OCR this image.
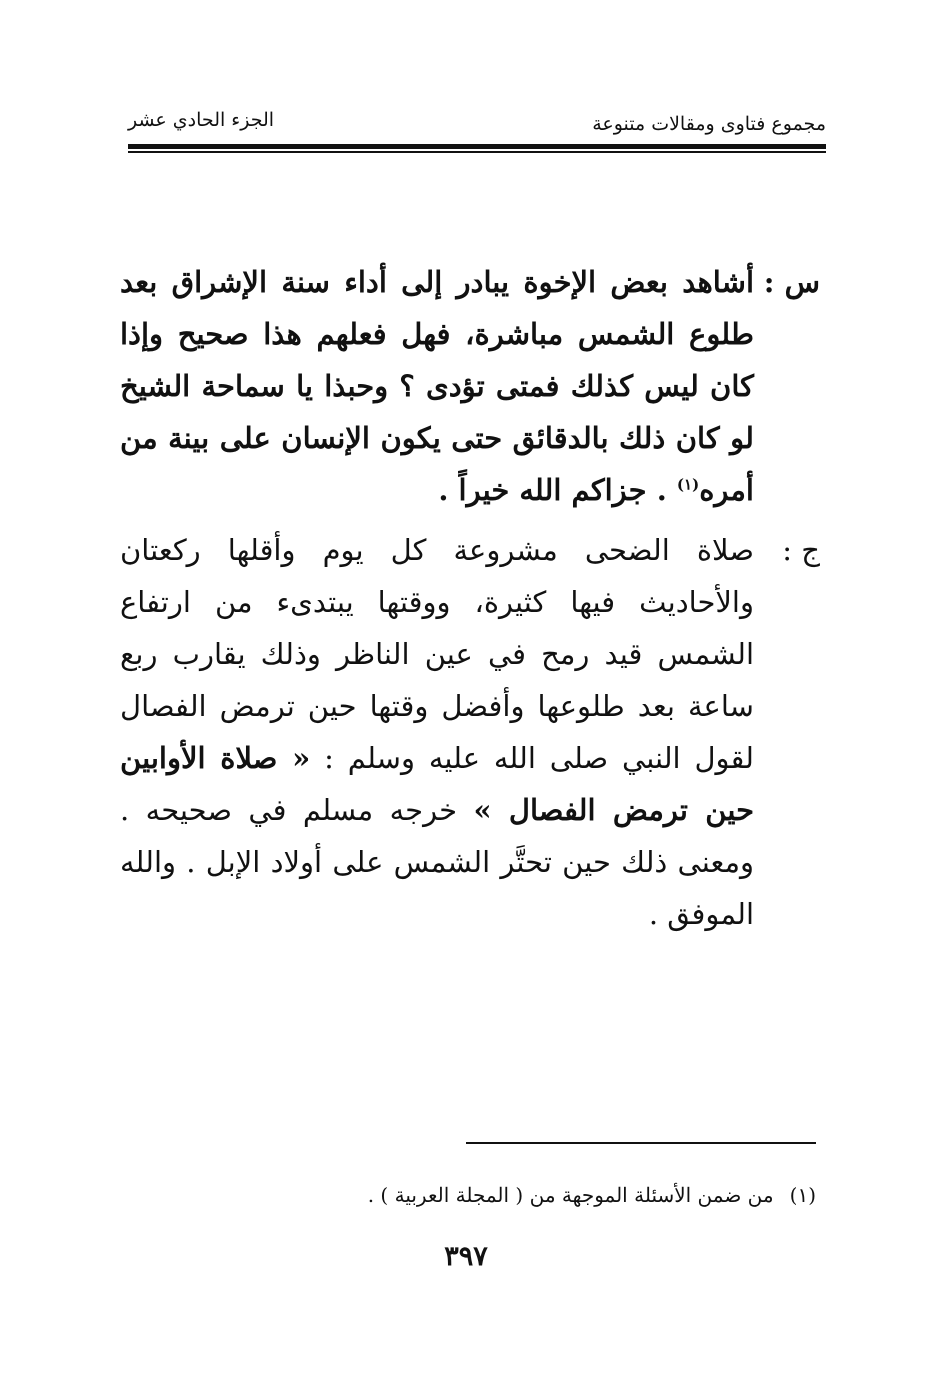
مجموع فتاوى ومقالات متنوعة
الجزء الحادي عشر

س :أشاهد بعض الإخوة يبادر إلى أداء سنة الإشراق بعد طلوع الشمس مباشرة، فهل فعلهم هذا صحيح وإذا كان ليس كذلك فمتى تؤدى ؟ وحبذا يا سماحة الشيخ لو كان ذلك بالدقائق حتى يكون الإنسان على بينة من أمره$^{(١)}$ . جزاكم الله خيراً .

ج :صلاة الضحى مشروعة كل يوم وأقلها ركعتان والأحاديث فيها كثيرة، ووقتها يبتدىء من ارتفاع الشمس قيد رمح في عين الناظر وذلك يقارب ربع ساعة بعد طلوعها وأفضل وقتها حين ترمض الفصال لقول النبي صلى الله عليه وسلم : « صلاة الأوابين حين ترمض الفصال » خرجه مسلم في صحيحه . ومعنى ذلك حين تحتَّر الشمس على أولاد الإبل . والله الموفق .

(١)من ضمن الأسئلة الموجهة من ( المجلة العربية ) .
٣٩٧
